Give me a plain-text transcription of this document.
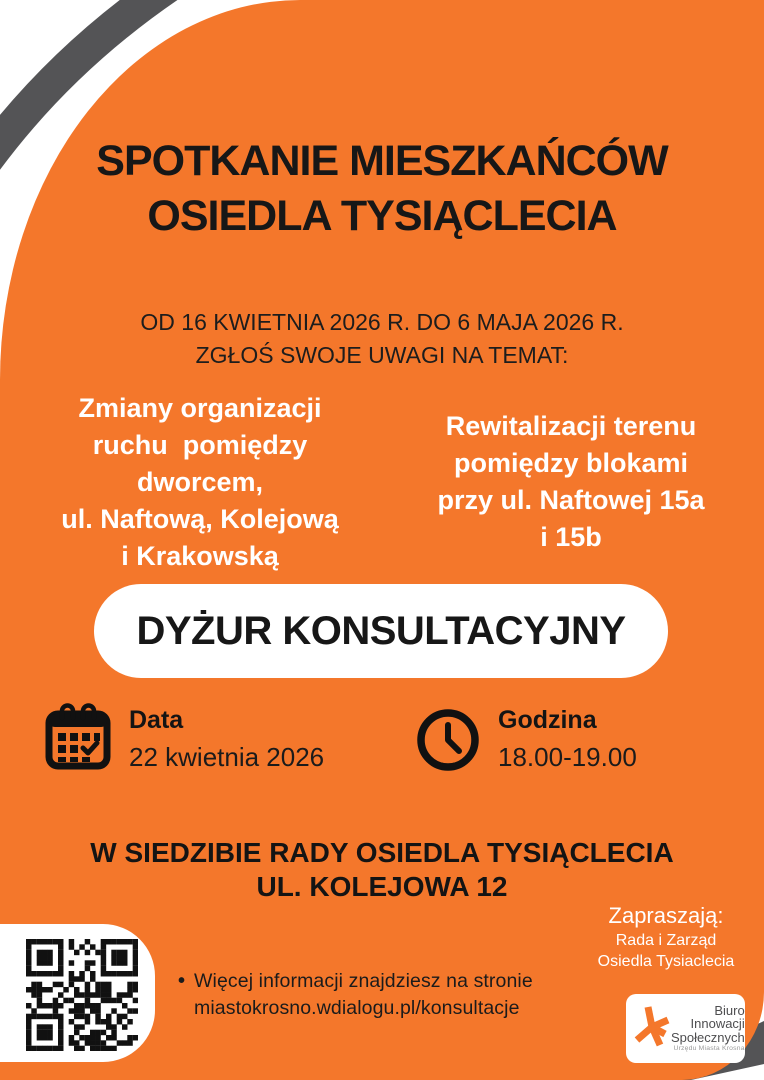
SPOTKANIE MIESZKAŃCÓW
OSIEDLA TYSIĄCLECIA
OD 16 KWIETNIA 2026 R. DO 6 MAJA 2026 R.
ZGŁOŚ SWOJE UWAGI NA TEMAT:
Zmiany organizacji
ruchu  pomiędzy
dworcem,
ul. Naftową, Kolejową
i Krakowską
Rewitalizacji terenu
pomiędzy blokami
przy ul. Naftowej 15a
i 15b
DYŻUR KONSULTACYJNY
Data
22 kwietnia 2026
Godzina
18.00-19.00
W SIEDZIBIE RADY OSIEDLA TYSIĄCLECIA
UL. KOLEJOWA 12
Zapraszają:
Rada i Zarząd
Osiedla Tysiaclecia
• Więcej informacji znajdziesz na stronie
miastokrosno.wdialogu.pl/konsultacje	Biuro
Innowacji
Społecznych
Urzędu Miasta Krosna
